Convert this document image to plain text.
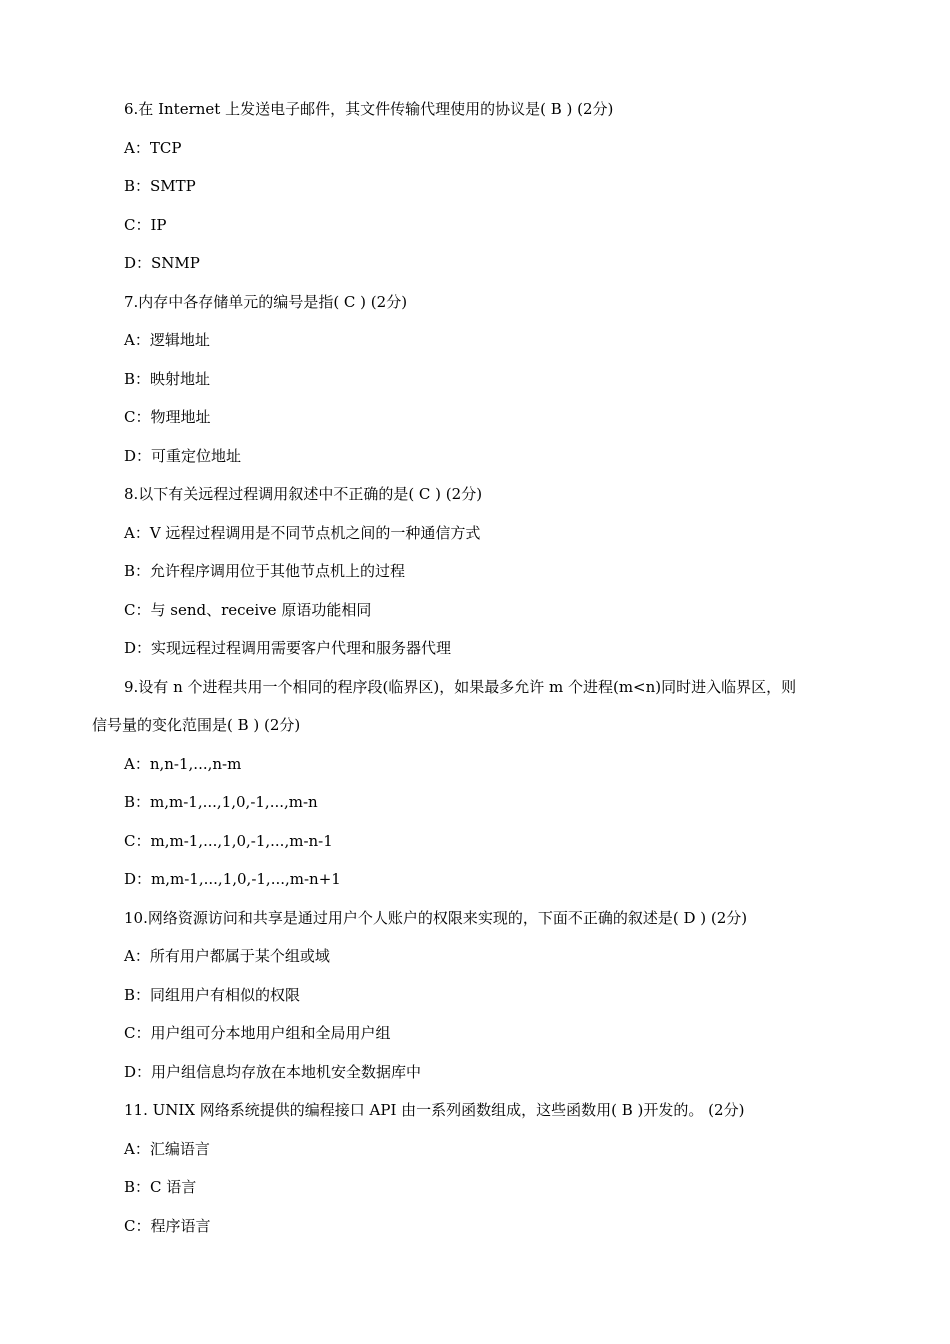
6.在 Internet 上发送电子邮件，其文件传输代理使用的协议是( B ) (2分)
A：TCP
B：SMTP
C：IP
D：SNMP
7.内存中各存储单元的编号是指( C ) (2分)
A：逻辑地址
B：映射地址
C：物理地址
D：可重定位地址
8.以下有关远程过程调用叙述中不正确的是( C ) (2分)
A：V 远程过程调用是不同节点机之间的一种通信方式
B：允许程序调用位于其他节点机上的过程
C：与 send、receive 原语功能相同
D：实现远程过程调用需要客户代理和服务器代理
9.设有 n 个进程共用一个相同的程序段(临界区)，如果最多允许 m 个进程(m<n)同时进入临界区，则
信号量的变化范围是( B ) (2分)
A：n,n-1,...,n-m
B：m,m-1,...,1,0,-1,...,m-n
C：m,m-1,...,1,0,-1,...,m-n-1
D：m,m-1,...,1,0,-1,...,m-n+1
10.网络资源访问和共享是通过用户个人账户的权限来实现的，下面不正确的叙述是( D ) (2分)
A：所有用户都属于某个组或域
B：同组用户有相似的权限
C：用户组可分本地用户组和全局用户组
D：用户组信息均存放在本地机安全数据库中
11. UNIX 网络系统提供的编程接口 API 由一系列函数组成，这些函数用( B )开发的。 (2分)
A：汇编语言
B：C 语言
C：程序语言
